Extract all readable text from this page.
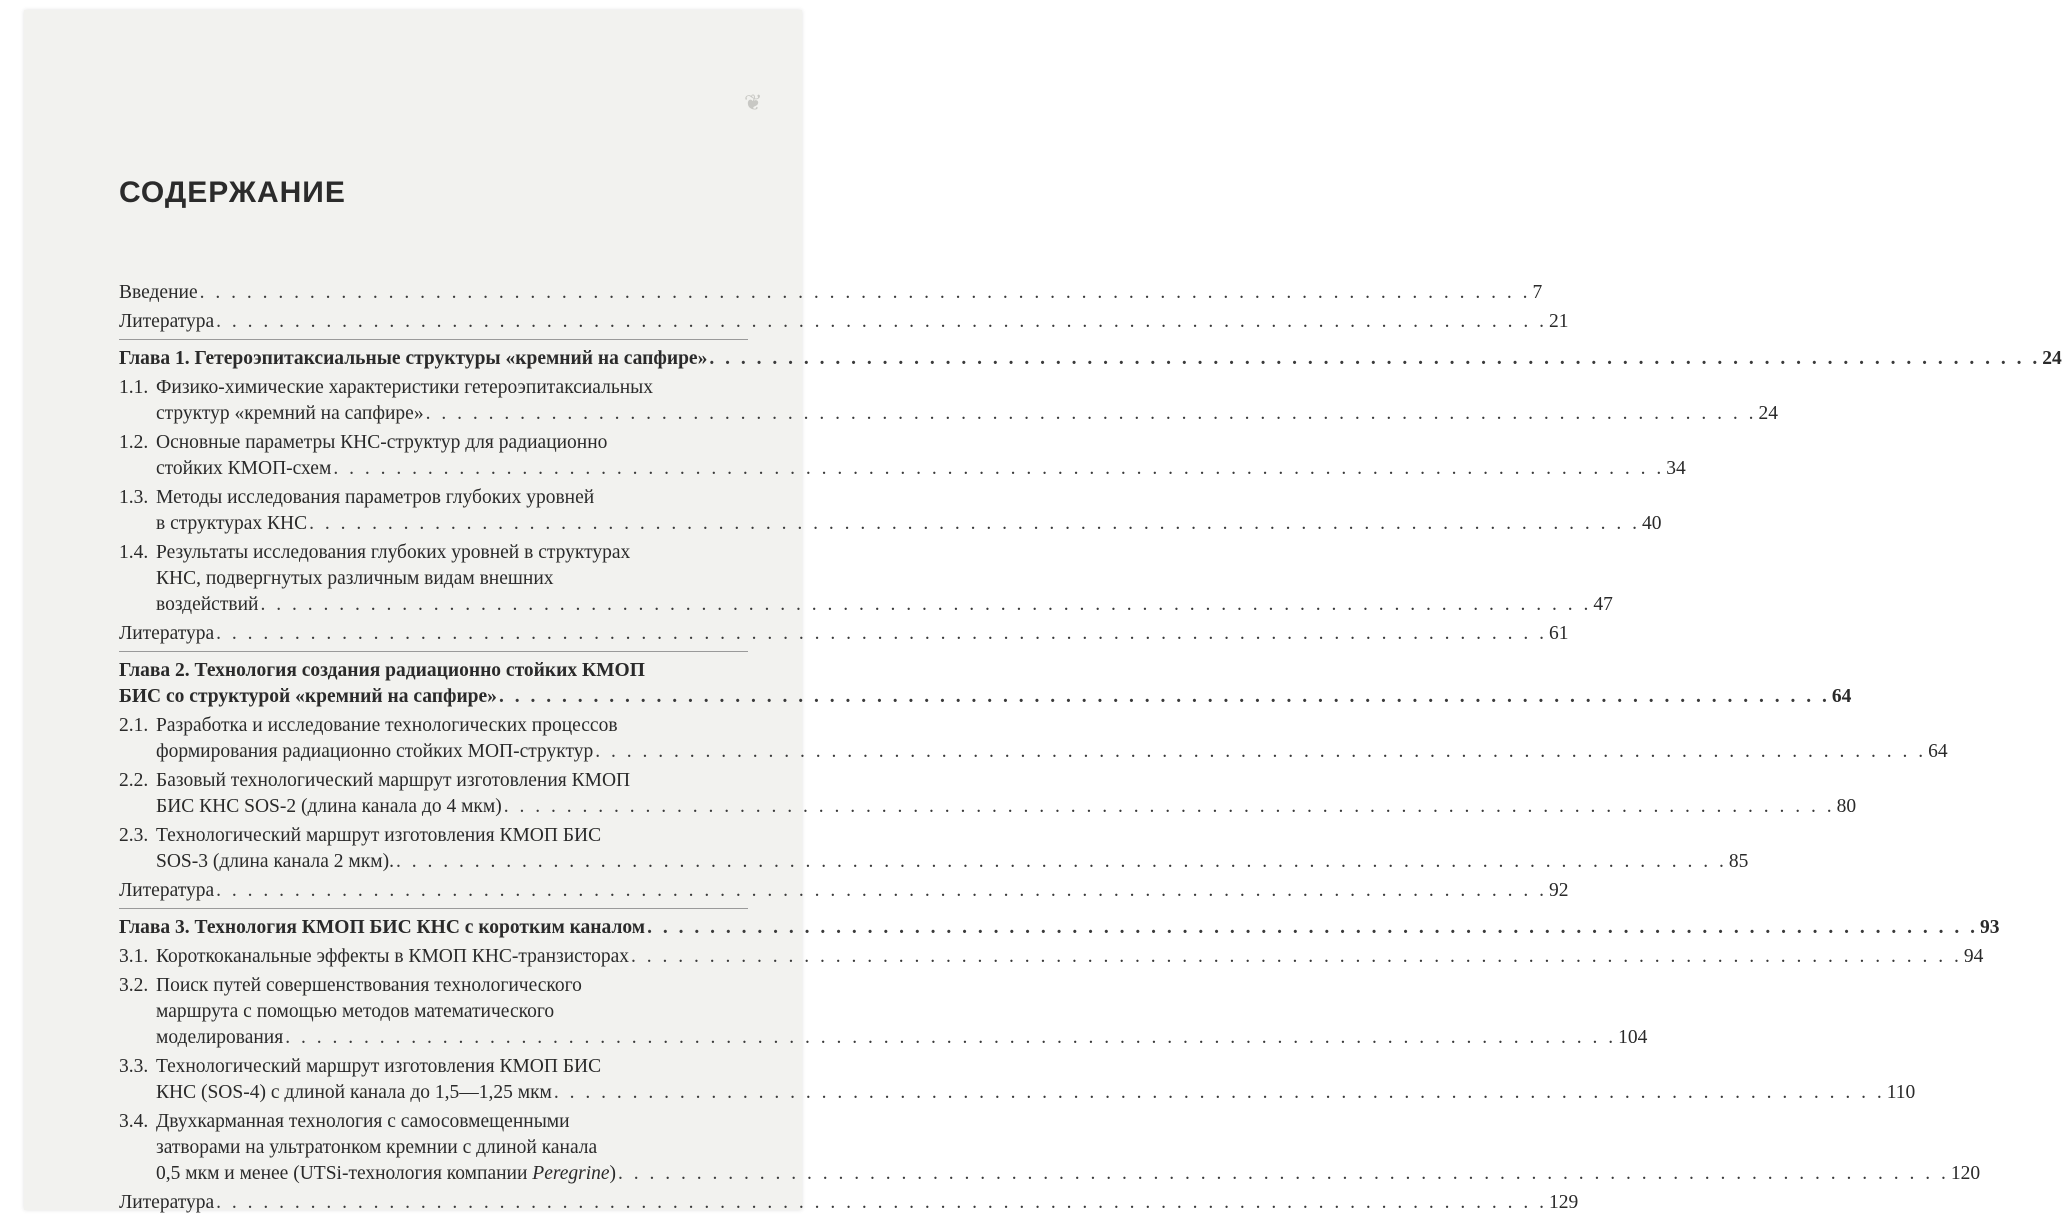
❦
СОДЕРЖАНИЕ
Введение . . .	7
Литература . . .	21
Глава 1. Гетероэпитаксиальные структуры «кремний на сапфире» . . .	24
1.1. Физико-химические характеристики гетероэпитаксиальных
структур «кремний на сапфире» . . .	24
1.2. Основные параметры КНС-структур для радиационно
стойких КМОП-схем . . .	34
1.3. Методы исследования параметров глубоких уровней
в структурах КНС . . .	40
1.4. Результаты исследования глубоких уровней в структурах
КНС, подвергнутых различным видам внешних
воздействий . . .	47
Литература . . .	61
Глава 2. Технология создания радиационно стойких КМОП
БИС со структурой «кремний на сапфире» . . .	64
2.1. Разработка и исследование технологических процессов
формирования радиационно стойких МОП-структур . . .	64
2.2. Базовый технологический маршрут изготовления КМОП
БИС КНС SOS-2 (длина канала до 4 мкм) . . .	80
2.3. Технологический маршрут изготовления КМОП БИС
SOS-3 (длина канала 2 мкм). . . .	85
Литература . . .	92
Глава 3. Технология КМОП БИС КНС с коротким каналом . . .	93
3.1. Короткоканальные эффекты в КМОП КНС-транзисторах . . .	94
3.2. Поиск путей совершенствования технологического
маршрута с помощью методов математического
моделирования . . .	104
3.3. Технологический маршрут изготовления КМОП БИС
КНС (SOS-4) с длиной канала до 1,5—1,25 мкм . . .	110
3.4. Двухкарманная технология с самосовмещенными
затворами на ультратонком кремнии с длиной канала
0,5 мкм и менее (UTSi-технология компании Peregrine) . . .	120
Литература . . .	129
